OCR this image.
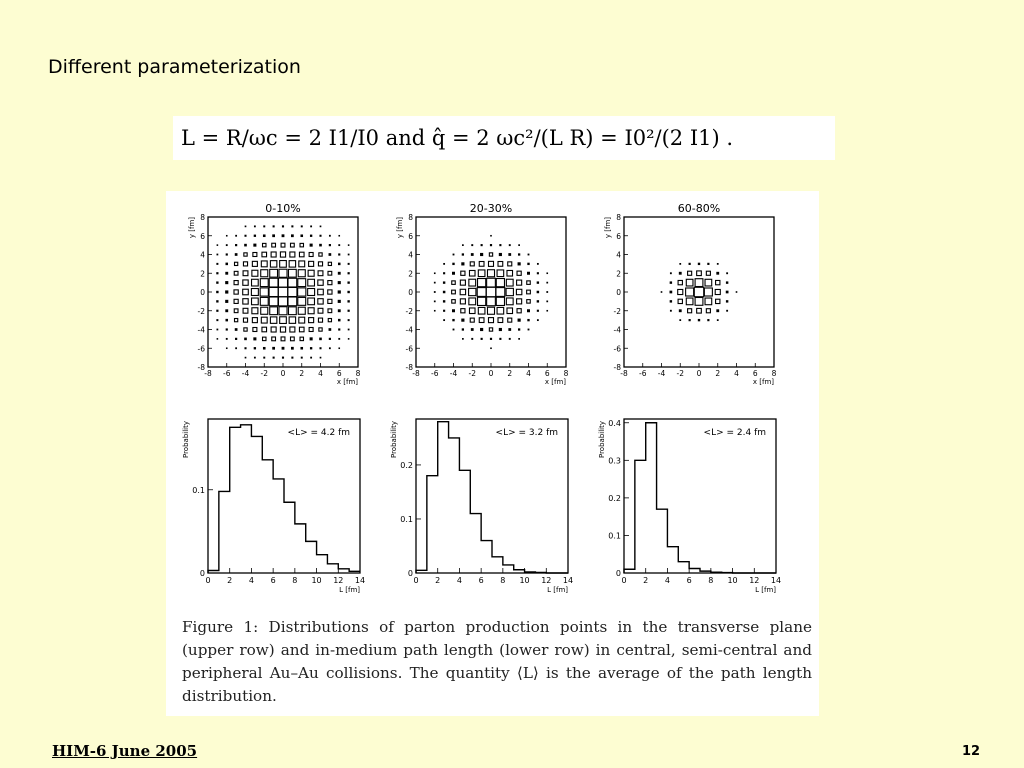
Different parameterization
L = R/ωc = 2 I1/I0 and q̂ = 2 ωc²/(L R) = I0²/(2 I1) .
0-10%
-8
-8
-6
-6
-4
-4
-2
-2
0
0
2
2
4
4
6
6
8
8
x [fm]
y [fm]
20-30%
-8
-8
-6
-6
-4
-4
-2
-2
0
0
2
2
4
4
6
6
8
8
x [fm]
y [fm]
60-80%
-8
-8
-6
-6
-4
-4
-2
-2
0
0
2
2
4
4
6
6
8
8
x [fm]
y [fm]
<L> = 4.2 fm
0 2 4 6 8 10 12 14
0
0.1
L [fm]
Probability	<L> = 3.2 fm
0 2 4 6 8 10 12 14
0
0.1
0.2
L [fm]
Probability	<L> = 2.4 fm
0 2 4 6 8 10 12 14
0
0.1
0.2
0.3
0.4
L [fm]
Probability
Figure 1: Distributions of parton production points in the transverse plane (upper row) and in-medium path length (lower row) in central, semi-central and peripheral Au–Au collisions. The quantity ⟨L⟩ is the average of the path length distribution.
HIM-6 June 2005	12
